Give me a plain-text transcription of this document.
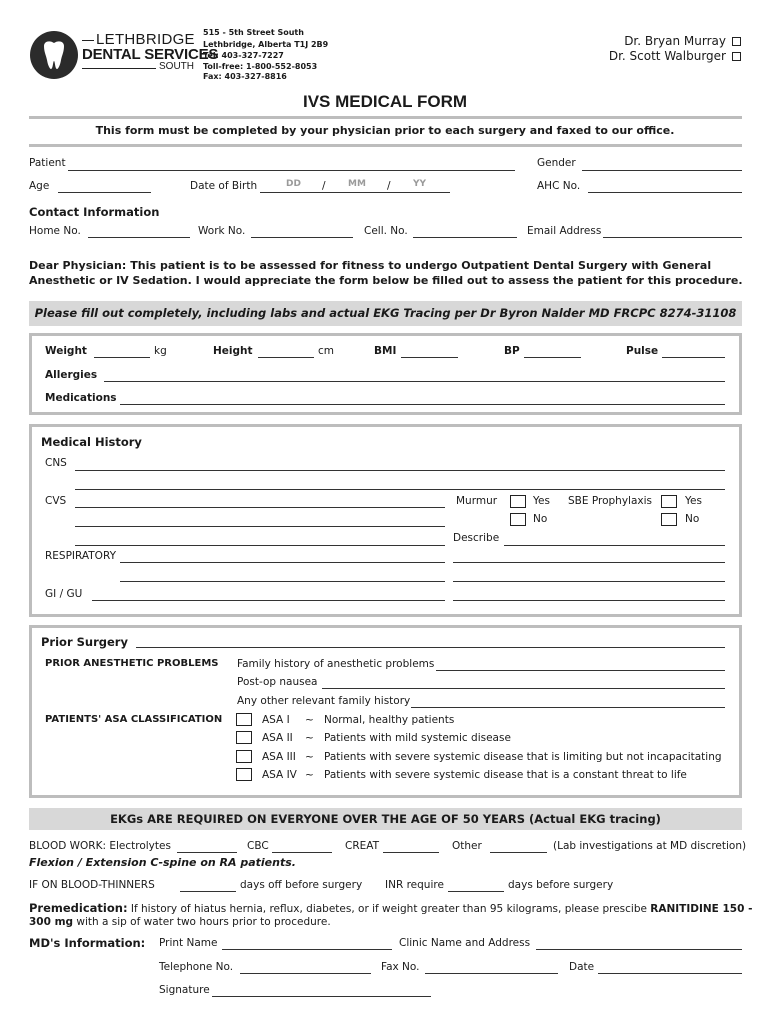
LETHBRIDGE
DENTAL SERVICES
SOUTH
515 - 5th Street South
Lethbridge, Alberta T1J 2B9
Tel: 403-327-7227
Toll-free: 1-800-552-8053
Fax: 403-327-8816
Dr. Bryan Murray
Dr. Scott Walburger
IVS MEDICAL FORM
This form must be completed by your physician prior to each surgery and faxed to our office.
Patient	Gender
Age	Date of Birth	DD / MM / YY	AHC No.
Contact Information
Home No.	Work No.	Cell. No.	Email Address
Dear Physician: This patient is to be assessed for fitness to undergo Outpatient Dental Surgery with General
Anesthetic or IV Sedation. I would appreciate the form below be filled out to assess the patient for this procedure.
Please fill out completely, including labs and actual EKG Tracing per Dr Byron Nalder MD FRCPC 8274-31108
Weight	kg	Height	cm	BMI	BP	Pulse
Allergies
Medications
Medical History
CNS
CVS	Murmur	Yes
No
SBE Prophylaxis	Yes
No
Describe
RESPIRATORY
GI / GU
Prior Surgery
PRIOR ANESTHETIC PROBLEMS Family history of anesthetic problems
Post-op nausea
Any other relevant family history
PATIENTS' ASA CLASSIFICATION	ASA I ~ Normal, healthy patients
ASA II ~ Patients with mild systemic disease
ASA III ~ Patients with severe systemic disease that is limiting but not incapacitating
ASA IV ~ Patients with severe systemic disease that is a constant threat to life
EKGs ARE REQUIRED ON EVERYONE OVER THE AGE OF 50 YEARS (Actual EKG tracing)
BLOOD WORK: Electrolytes	CBC	CREAT	Other	(Lab investigations at MD discretion)
Flexion / Extension C-spine on RA patients.
IF ON BLOOD-THINNERS	days off before surgery INR require	days before surgery
Premedication: If history of hiatus hernia, reflux, diabetes, or if weight greater than 95 kilograms, please prescibe RANITIDINE 150 -
300 mg with a sip of water two hours prior to procedure.
MD's Information: Print Name	Clinic Name and Address
Telephone No.	Fax No.	Date
Signature
